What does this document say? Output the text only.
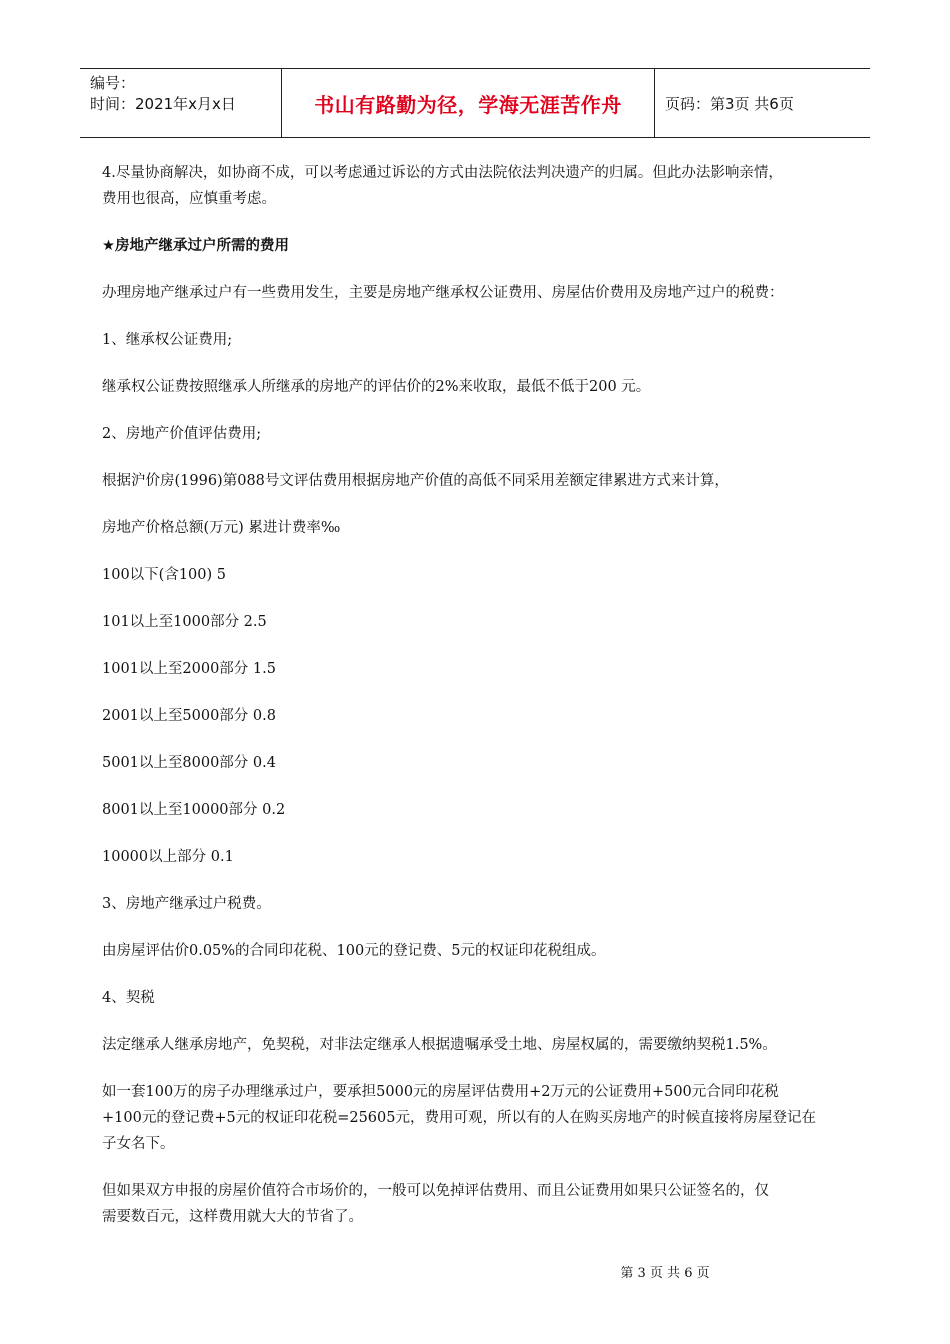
编号：
时间：2021年x月x日	书山有路勤为径，学海无涯苦作舟	页码：第3页 共6页

4.尽量协商解决，如协商不成，可以考虑通过诉讼的方式由法院依法判决遗产的归属。但此办法影响亲情，

费用也很高，应慎重考虑。

★房地产继承过户所需的费用

办理房地产继承过户有一些费用发生，主要是房地产继承权公证费用、房屋估价费用及房地产过户的税费：

1、继承权公证费用;

继承权公证费按照继承人所继承的房地产的评估价的2%来收取，最低不低于200 元。

2、房地产价值评估费用;

根据沪价房(1996)第088号文评估费用根据房地产价值的高低不同采用差额定律累进方式来计算，

房地产价格总额(万元) 累进计费率‰

100以下(含100) 5

101以上至1000部分 2.5

1001以上至2000部分 1.5

2001以上至5000部分 0.8

5001以上至8000部分 0.4

8001以上至10000部分 0.2

10000以上部分 0.1

3、房地产继承过户税费。

由房屋评估价0.05%的合同印花税、100元的登记费、5元的权证印花税组成。

4、契税

法定继承人继承房地产，免契税，对非法定继承人根据遗嘱承受土地、房屋权属的，需要缴纳契税1.5%。

如一套100万的房子办理继承过户，要承担5000元的房屋评估费用+2万元的公证费用+500元合同印花税

+100元的登记费+5元的权证印花税=25605元，费用可观，所以有的人在购买房地产的时候直接将房屋登记在

子女名下。

但如果双方申报的房屋价值符合市场价的，一般可以免掉评估费用、而且公证费用如果只公证签名的，仅

需要数百元，这样费用就大大的节省了。

第 3 页 共 6 页
